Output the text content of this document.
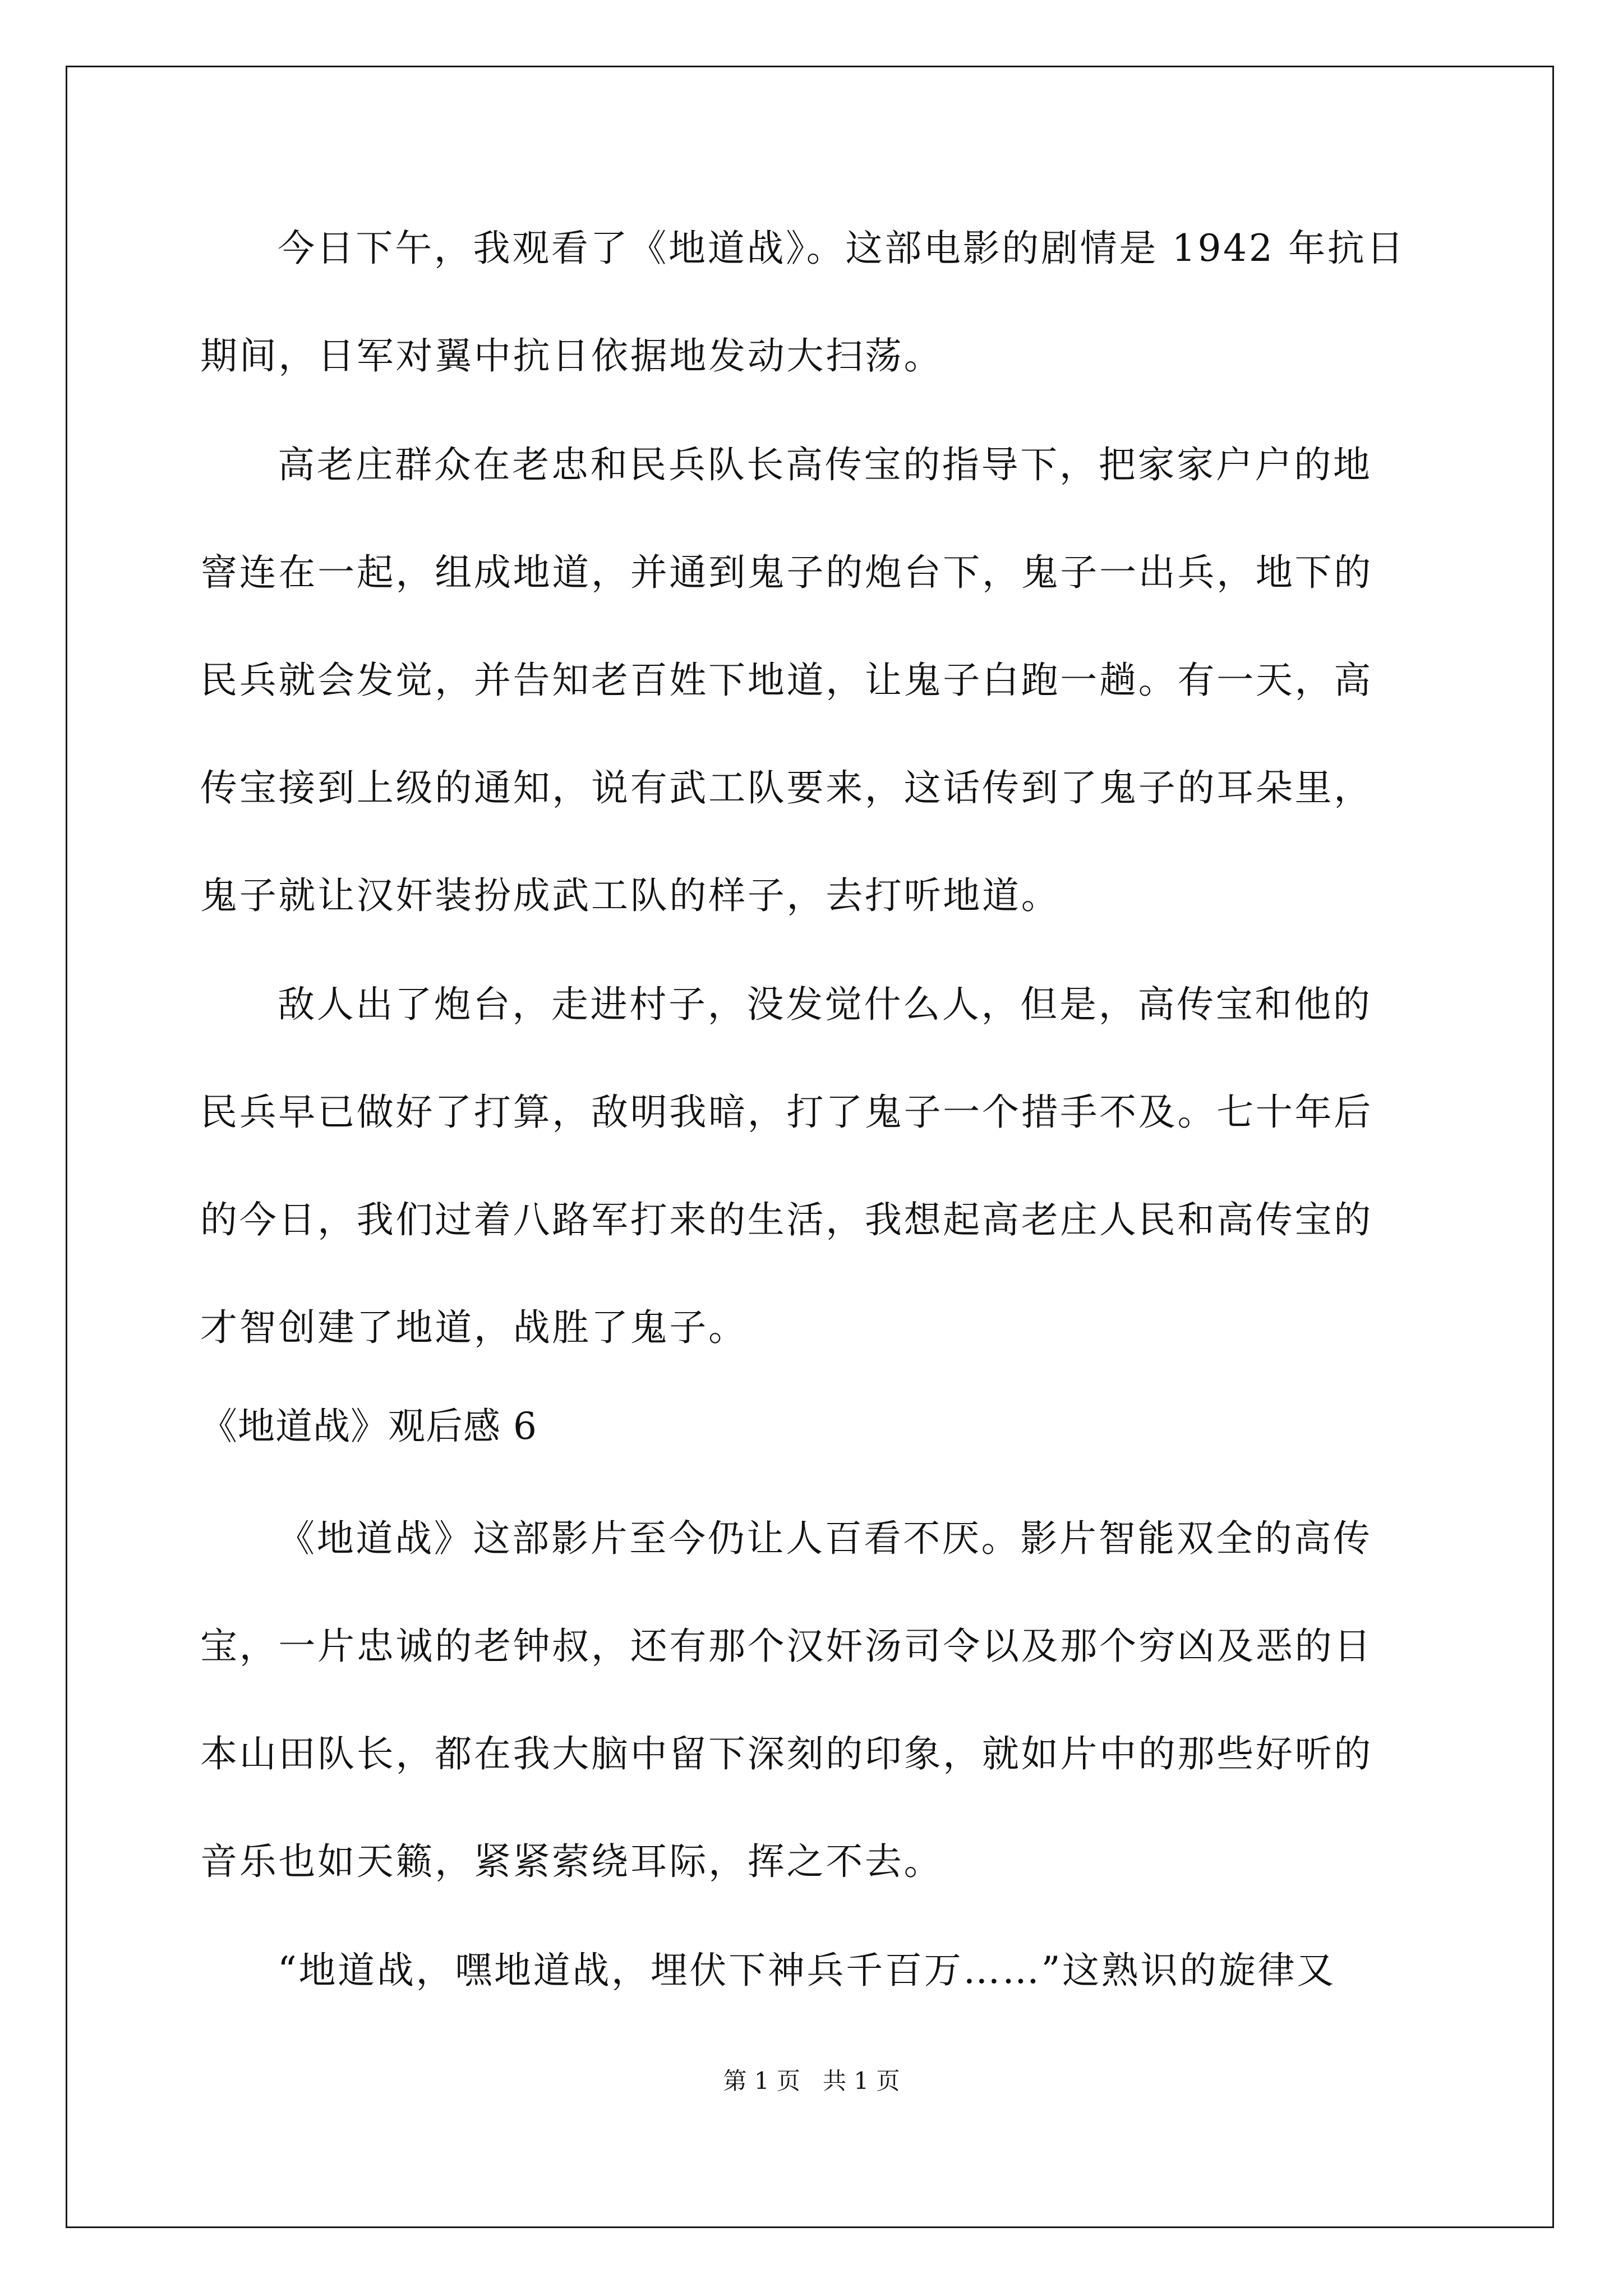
今日下午，我观看了《地道战》。这部电影的剧情是 1942 年抗日
期间，日军对翼中抗日依据地发动大扫荡。
高老庄群众在老忠和民兵队长高传宝的指导下，把家家户户的地
窨连在一起，组成地道，并通到鬼子的炮台下，鬼子一出兵，地下的
民兵就会发觉，并告知老百姓下地道，让鬼子白跑一趟。有一天，高
传宝接到上级的通知，说有武工队要来，这话传到了鬼子的耳朵里，
鬼子就让汉奸装扮成武工队的样子，去打听地道。
敌人出了炮台，走进村子，没发觉什么人，但是，高传宝和他的
民兵早已做好了打算，敌明我暗，打了鬼子一个措手不及。七十年后
的今日，我们过着八路军打来的生活，我想起高老庄人民和高传宝的
才智创建了地道，战胜了鬼子。
《地道战》观后感 6
《地道战》这部影片至今仍让人百看不厌。影片智能双全的高传
宝，一片忠诚的老钟叔，还有那个汉奸汤司令以及那个穷凶及恶的日
本山田队长，都在我大脑中留下深刻的印象，就如片中的那些好听的
音乐也如天籁，紧紧萦绕耳际，挥之不去。
“地道战，嘿地道战，埋伏下神兵千百万……”这熟识的旋律又
第 1 页   共 1 页
